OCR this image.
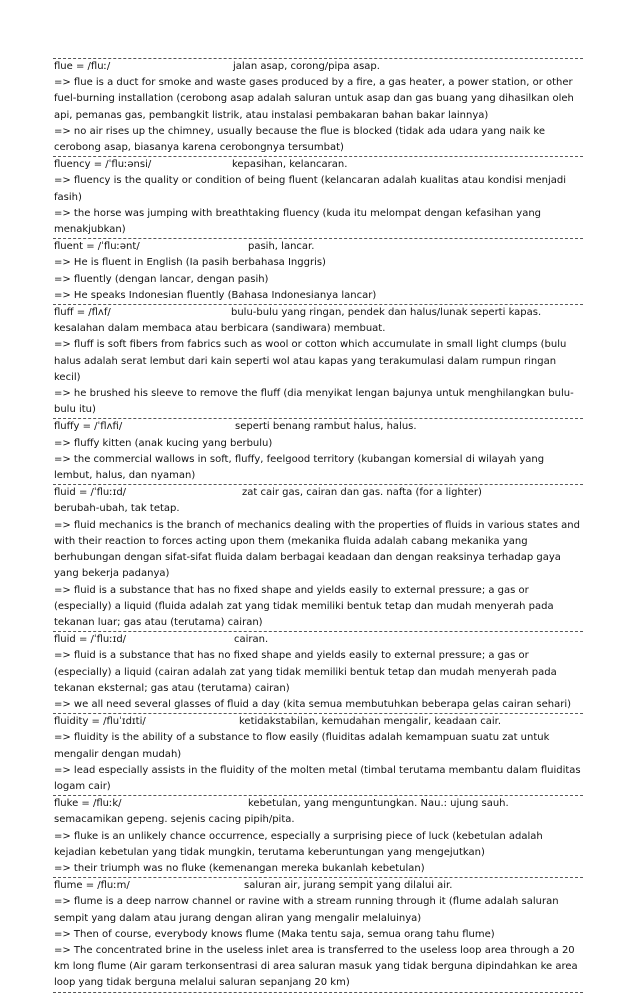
flue = /fluː/	jalan asap, corong/pipa asap.
=> flue is a duct for smoke and waste gases produced by a fire, a gas heater, a power station, or other fuel-burning installation (cerobong asap adalah saluran untuk asap dan gas buang yang dihasilkan oleh api, pemanas gas, pembangkit listrik, atau instalasi pembakaran bahan bakar lainnya)
=> no air rises up the chimney, usually because the flue is blocked (tidak ada udara yang naik ke cerobong asap, biasanya karena cerobongnya tersumbat)
fluency = /ˈfluːənsi/	kepasihan, kelancaran.
=> fluency is the quality or condition of being fluent (kelancaran adalah kualitas atau kondisi menjadi fasih)
=> the horse was jumping with breathtaking fluency (kuda itu melompat dengan kefasihan yang menakjubkan)
fluent = /ˈfluːənt/	pasih, lancar.
=> He is fluent in English (Ia pasih berbahasa Inggris)
=> fluently (dengan lancar, dengan pasih)
=> He speaks Indonesian fluently (Bahasa Indonesianya lancar)
fluff = /flʌf/	bulu-bulu yang ringan, pendek dan halus/lunak seperti kapas.
kesalahan dalam membaca atau berbicara (sandiwara) membuat.
=> fluff is soft fibers from fabrics such as wool or cotton which accumulate in small light clumps (bulu halus adalah serat lembut dari kain seperti wol atau kapas yang terakumulasi dalam rumpun ringan kecil)
=> he brushed his sleeve to remove the fluff (dia menyikat lengan bajunya untuk menghilangkan bulu-bulu itu)
fluffy = /ˈflʌfi/	seperti benang rambut halus, halus.
=> fluffy kitten (anak kucing yang berbulu)
=> the commercial wallows in soft, fluffy, feelgood territory (kubangan komersial di wilayah yang lembut, halus, dan nyaman)
fluid = /ˈfluːɪd/	zat cair gas, cairan dan gas. nafta (for a lighter)
berubah-ubah, tak tetap.
=> fluid mechanics is the branch of mechanics dealing with the properties of fluids in various states and with their reaction to forces acting upon them (mekanika fluida adalah cabang mekanika yang berhubungan dengan sifat-sifat fluida dalam berbagai keadaan dan dengan reaksinya terhadap gaya yang bekerja padanya)
=> fluid is a substance that has no fixed shape and yields easily to external pressure; a gas or (especially) a liquid (fluida adalah zat yang tidak memiliki bentuk tetap dan mudah menyerah pada tekanan luar; gas atau (terutama) cairan)
fluid = /ˈfluːɪd/	cairan.
=> fluid is a substance that has no fixed shape and yields easily to external pressure; a gas or (especially) a liquid (cairan adalah zat yang tidak memiliki bentuk tetap dan mudah menyerah pada tekanan eksternal; gas atau (terutama) cairan)
=> we all need several glasses of fluid a day (kita semua membutuhkan beberapa gelas cairan sehari)
fluidity = /fluˈɪdɪti/	ketidakstabilan, kemudahan mengalir, keadaan cair.
=> fluidity is the ability of a substance to flow easily (fluiditas adalah kemampuan suatu zat untuk mengalir dengan mudah)
=> lead especially assists in the fluidity of the molten metal (timbal terutama membantu dalam fluiditas logam cair)
fluke = /fluːk/	kebetulan, yang menguntungkan. Nau.: ujung sauh.
semacamikan gepeng. sejenis cacing pipih/pita.
=> fluke is an unlikely chance occurrence, especially a surprising piece of luck (kebetulan adalah kejadian kebetulan yang tidak mungkin, terutama keberuntungan yang mengejutkan)
=> their triumph was no fluke (kemenangan mereka bukanlah kebetulan)
flume = /fluːm/	saluran air, jurang sempit yang dilalui air.
=> flume is a deep narrow channel or ravine with a stream running through it (flume adalah saluran sempit yang dalam atau jurang dengan aliran yang mengalir melaluinya)
=> Then of course, everybody knows flume (Maka tentu saja, semua orang tahu flume)
=> The concentrated brine in the useless inlet area is transferred to the useless loop area through a 20 km long flume (Air garam terkonsentrasi di area saluran masuk yang tidak berguna dipindahkan ke area loop yang tidak berguna melalui saluran sepanjang 20 km)
